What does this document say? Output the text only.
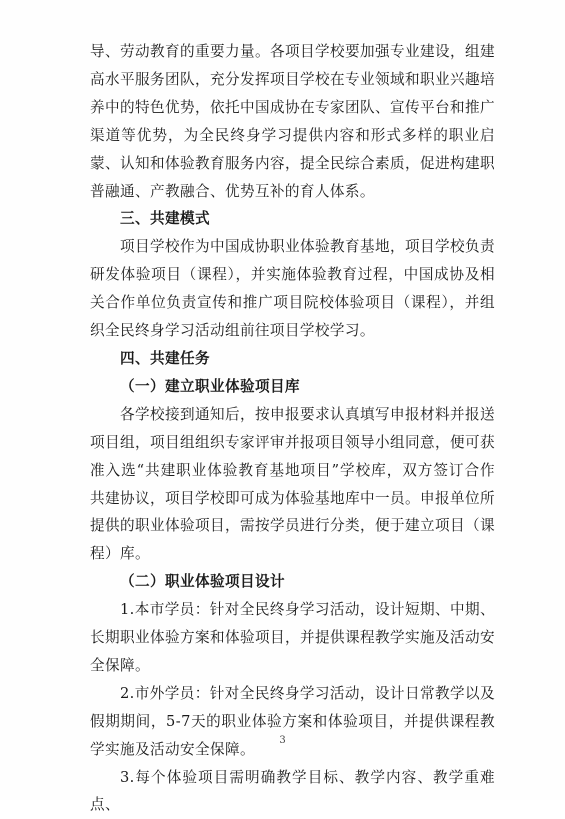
导、劳动教育的重要力量。各项目学校要加强专业建设，组建高水平服务团队，充分发挥项目学校在专业领域和职业兴趣培养中的特色优势，依托中国成协在专家团队、宣传平台和推广渠道等优势，为全民终身学习提供内容和形式多样的职业启蒙、认知和体验教育服务内容，提全民综合素质，促进构建职普融通、产教融合、优势互补的育人体系。

三、共建模式

项目学校作为中国成协职业体验教育基地，项目学校负责研发体验项目（课程），并实施体验教育过程，中国成协及相关合作单位负责宣传和推广项目院校体验项目（课程），并组织全民终身学习活动组前往项目学校学习。

四、共建任务

（一）建立职业体验项目库

各学校接到通知后，按申报要求认真填写申报材料并报送项目组，项目组组织专家评审并报项目领导小组同意，便可获准入选“共建职业体验教育基地项目”学校库，双方签订合作共建协议，项目学校即可成为体验基地库中一员。申报单位所提供的职业体验项目，需按学员进行分类，便于建立项目（课程）库。

（二）职业体验项目设计

1.本市学员：针对全民终身学习活动，设计短期、中期、长期职业体验方案和体验项目，并提供课程教学实施及活动安全保障。

2.市外学员：针对全民终身学习活动，设计日常教学以及假期期间，5-7天的职业体验方案和体验项目，并提供课程教学实施及活动安全保障。

3.每个体验项目需明确教学目标、教学内容、教学重难点、

3
